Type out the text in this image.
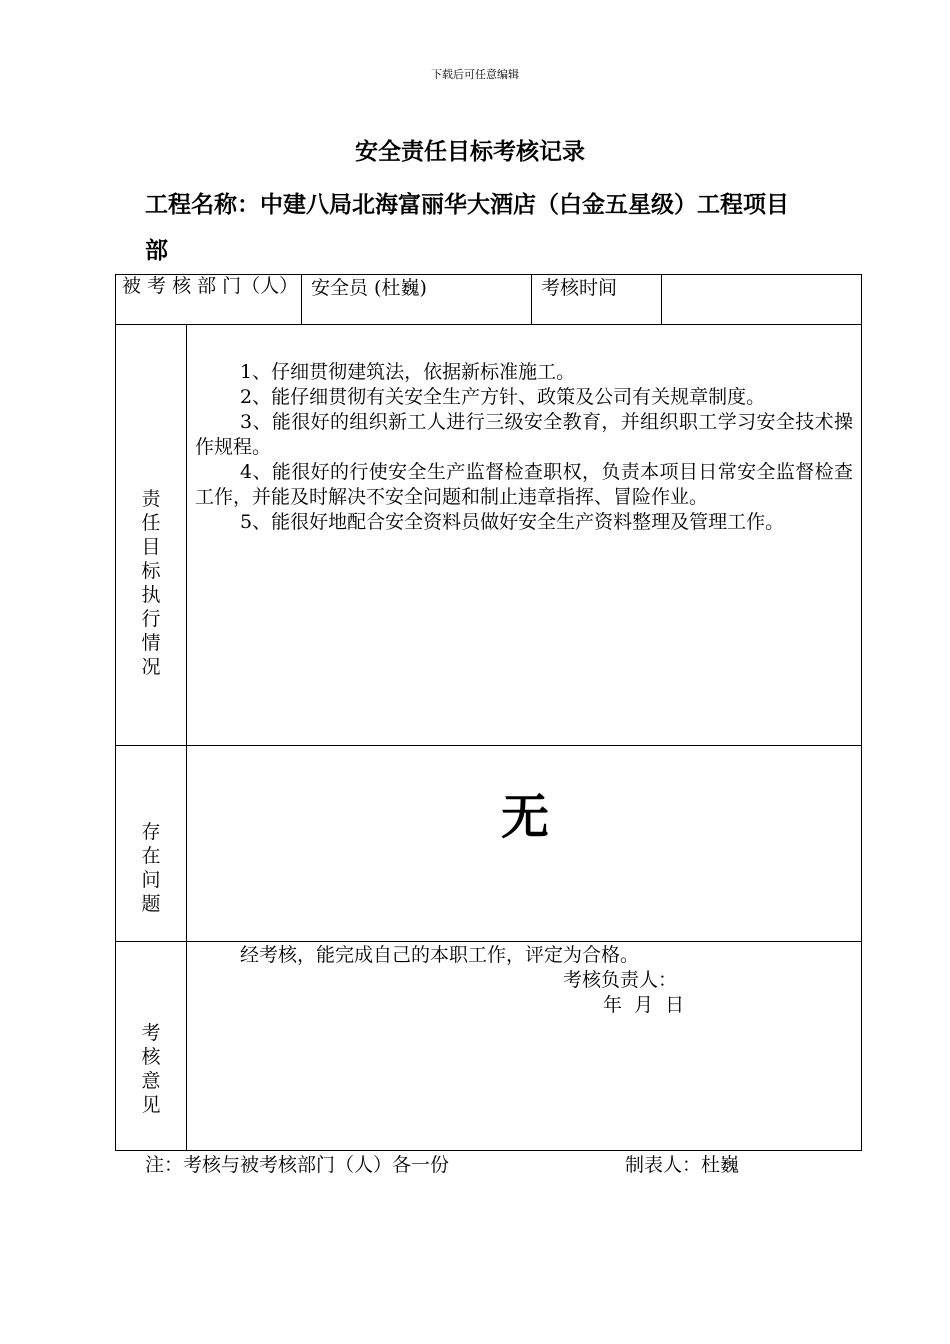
下载后可任意编辑
安全责任目标考核记录
工程名称：中建八局北海富丽华大酒店（白金五星级）工程项目部
被 考 核 部 门（人） 安全员 (杜巍)	考核时间
责任目标执行情况

1、仔细贯彻建筑法，依据新标准施工。

2、能仔细贯彻有关安全生产方针、政策及公司有关规章制度。

3、能很好的组织新工人进行三级安全教育，并组织职工学习安全技术操作规程。

4、能很好的行使安全生产监督检查职权，负责本项目日常安全监督检查工作，并能及时解决不安全问题和制止违章指挥、冒险作业。

5、能很好地配合安全资料员做好安全生产资料整理及管理工作。

存在问题
无
考核意见
经考核，能完成自己的本职工作，评定为合格。
考核负责人：
年  月  日
注：考核与被考核部门（人）各一份	制表人：杜巍
